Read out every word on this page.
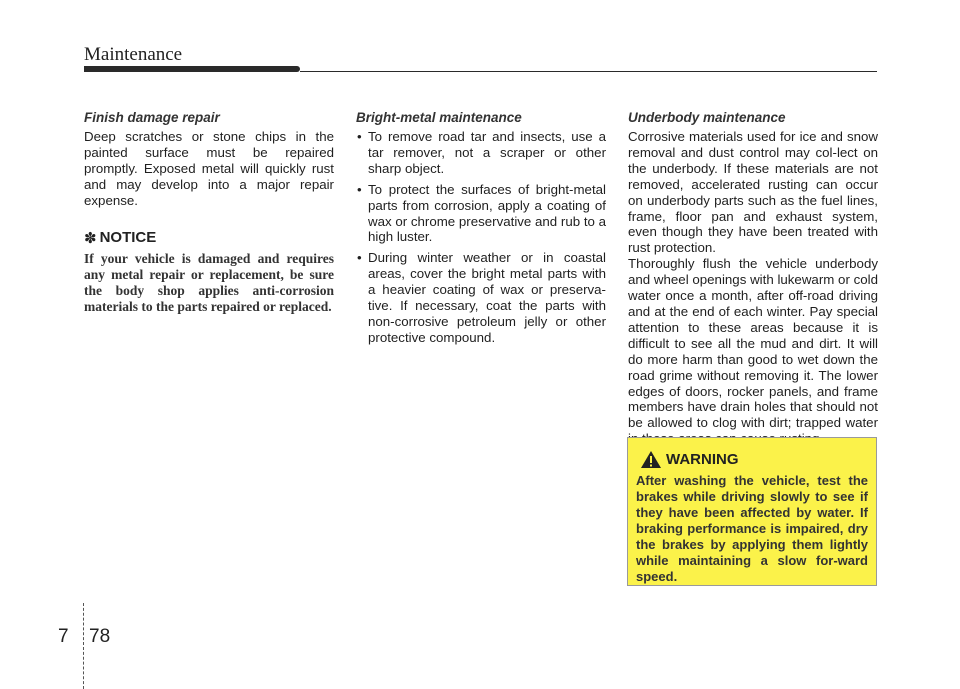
Maintenance
Finish damage repair

Deep scratches or stone chips in the painted surface must be repaired promptly. Exposed metal will quickly rust and may develop into a major repair expense.

✽ NOTICE

If your vehicle is damaged and requires any metal repair or replacement, be sure the body shop applies anti-corrosion materials to the parts repaired or replaced.

Bright-metal maintenance
• To remove road tar and insects, use a tar remover, not a scraper or other sharp object.
• To protect the surfaces of bright-metal parts from corrosion, apply a coating of wax or chrome preservative and rub to a high luster.
• During winter weather or in coastal areas, cover the bright metal parts with a heavier coating of wax or preserva-tive. If necessary, coat the parts with non-corrosive petroleum jelly or other protective compound.
Underbody maintenance

Corrosive materials used for ice and snow removal and dust control may col-lect on the underbody. If these materials are not removed, accelerated rusting can occur on underbody parts such as the fuel lines, frame, floor pan and exhaust system, even though they have been treated with rust protection.

Thoroughly flush the vehicle underbody and wheel openings with lukewarm or cold water once a month, after off-road driving and at the end of each winter. Pay special attention to these areas because it is difficult to see all the mud and dirt. It will do more harm than good to wet down the road grime without removing it. The lower edges of doors, rocker panels, and frame members have drain holes that should not be allowed to clog with dirt; trapped water

WARNING

After washing the vehicle, test the brakes while driving slowly to see if they have been affected by water. If braking performance is impaired, dry the brakes by applying them lightly while maintaining a slow for-ward speed.

7 78
